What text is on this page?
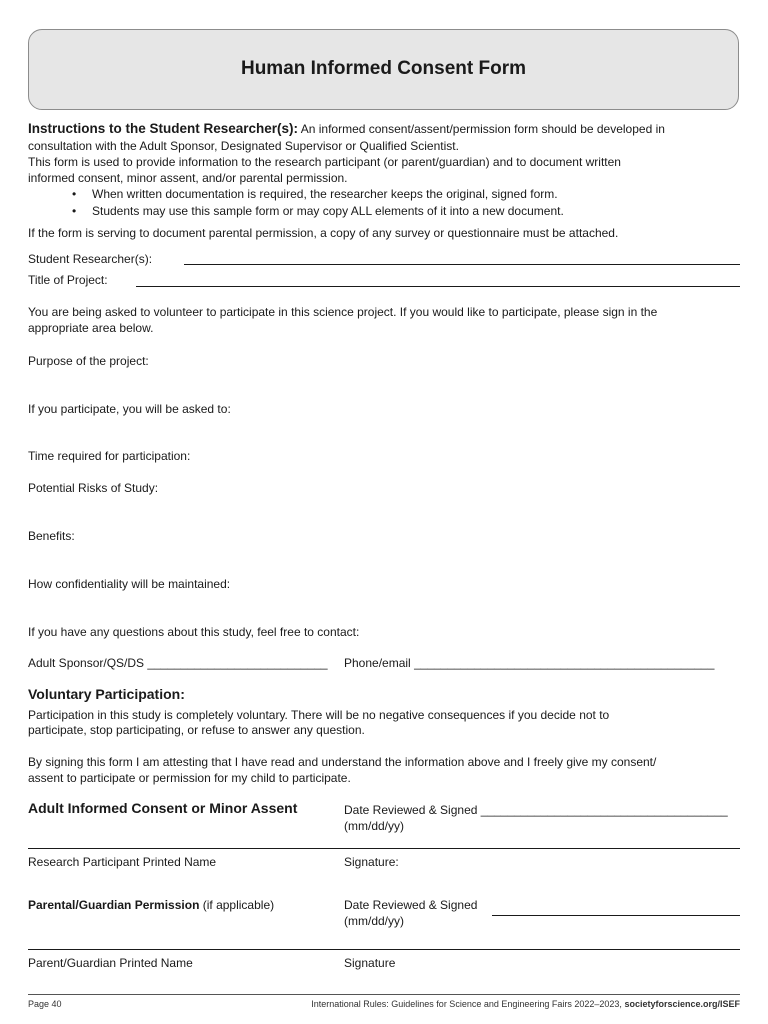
Human Informed Consent Form
Instructions to the Student Researcher(s): An informed consent/assent/permission form should be developed in
consultation with the Adult Sponsor, Designated Supervisor or Qualified Scientist.
This form is used to provide information to the research participant (or parent/guardian) and to document written
informed consent, minor assent, and/or parental permission.
• When written documentation is required, the researcher keeps the original, signed form.
• Students may use this sample form or may copy ALL elements of it into a new document.
If the form is serving to document parental permission, a copy of any survey or questionnaire must be attached.
Student Researcher(s):
Title of Project:
You are being asked to volunteer to participate in this science project. If you would like to participate, please sign in the
appropriate area below.
Purpose of the project:
If you participate, you will be asked to:
Time required for participation:
Potential Risks of Study:
Benefits:
How confidentiality will be maintained:
If you have any questions about this study, feel free to contact:
Adult Sponsor/QS/DS ___________________________ Phone/email _____________________________________________
Voluntary Participation:
Participation in this study is completely voluntary. There will be no negative consequences if you decide not to
participate, stop participating, or refuse to answer any question.
By signing this form I am attesting that I have read and understand the information above and I freely give my consent/
assent to participate or permission for my child to participate.
Adult Informed Consent or Minor Assent	Date Reviewed & Signed _____________________________________
(mm/dd/yy)
Research Participant Printed Name	Signature:
Parental/Guardian Permission (if applicable)	Date Reviewed & Signed
(mm/dd/yy)
Parent/Guardian Printed Name	Signature
Page 40	International Rules: Guidelines for Science and Engineering Fairs 2022–2023, societyforscience.org/ISEF
